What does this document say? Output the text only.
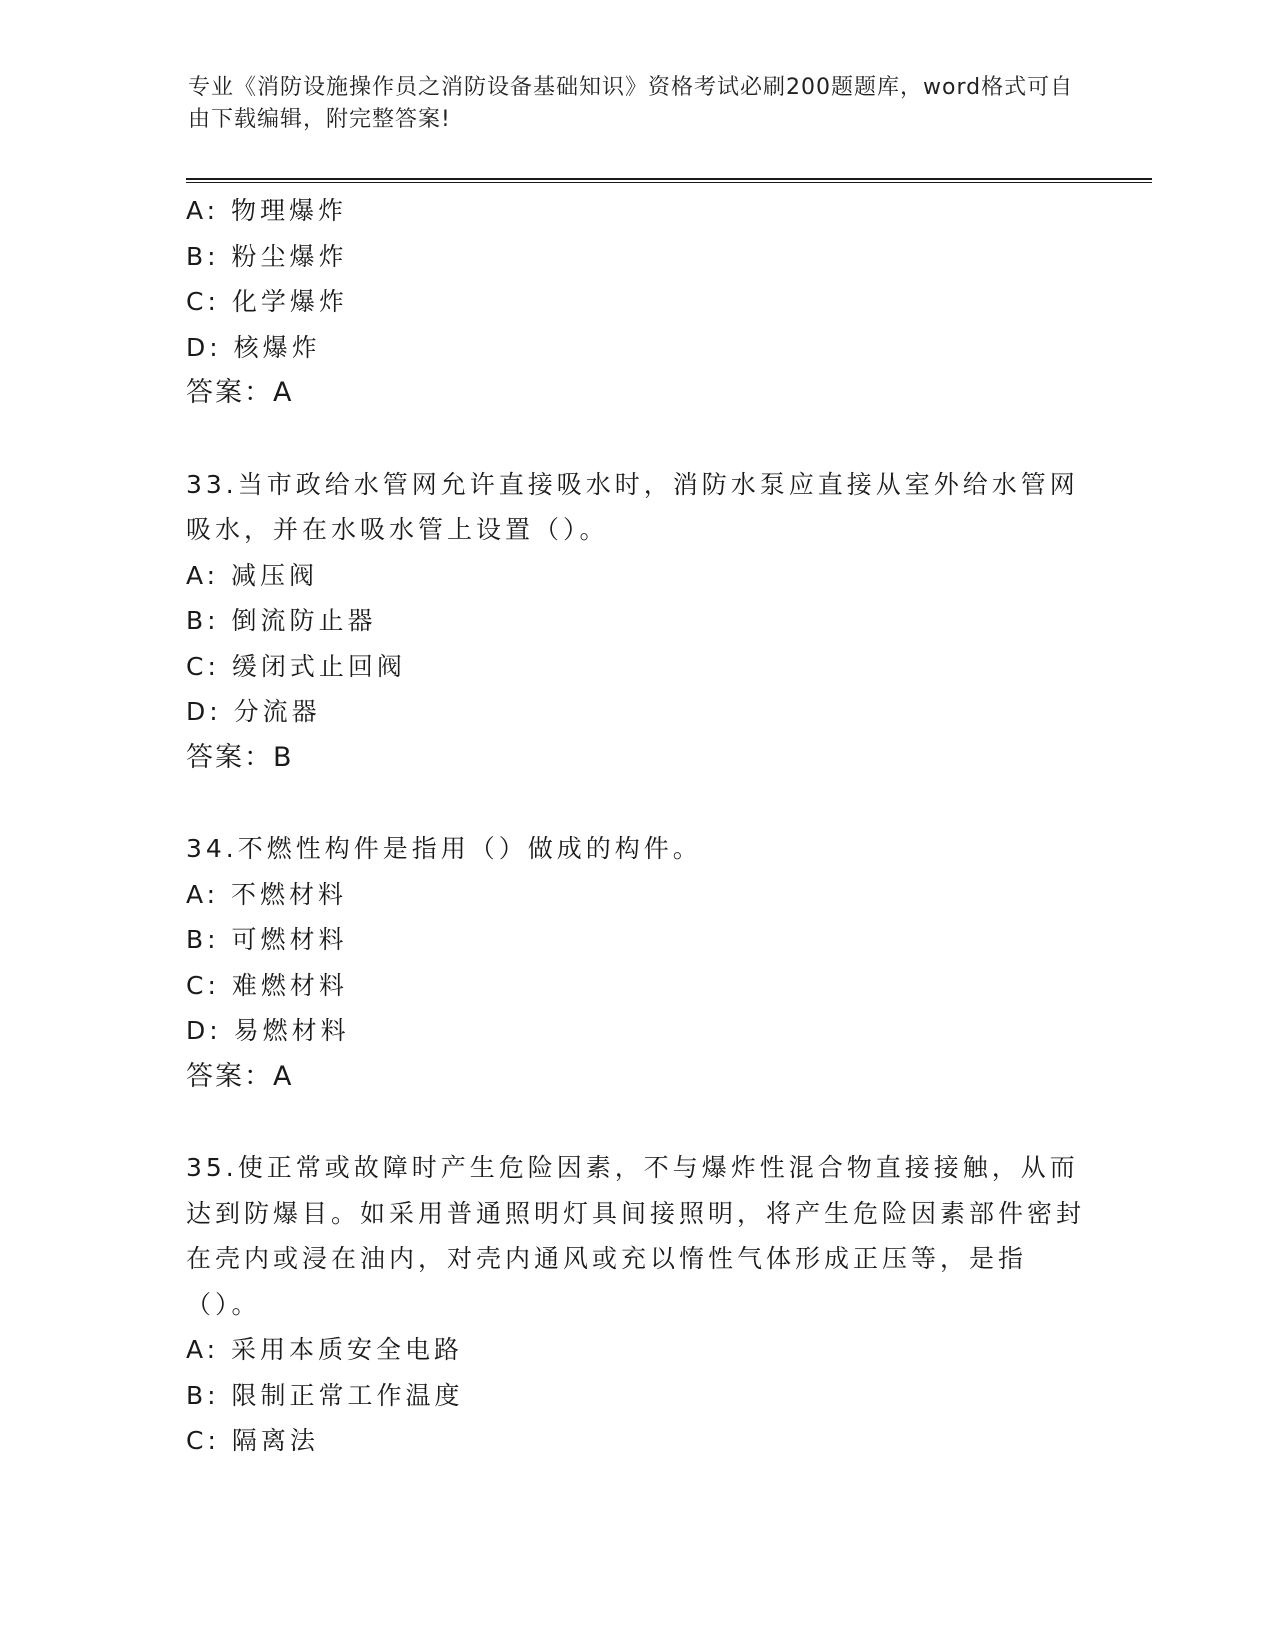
专业《消防设施操作员之消防设备基础知识》资格考试必刷200题题库，word格式可自由下载编辑，附完整答案!
A: 物理爆炸
B: 粉尘爆炸
C: 化学爆炸
D: 核爆炸
答案：A
33.当市政给水管网允许直接吸水时，消防水泵应直接从室外给水管网吸水，并在水吸水管上设置（）。
A: 减压阀
B: 倒流防止器
C: 缓闭式止回阀
D: 分流器
答案：B
34.不燃性构件是指用（）做成的构件。
A: 不燃材料
B: 可燃材料
C: 难燃材料
D: 易燃材料
答案：A
35.使正常或故障时产生危险因素，不与爆炸性混合物直接接触，从而达到防爆目。如采用普通照明灯具间接照明，将产生危险因素部件密封在壳内或浸在油内，对壳内通风或充以惰性气体形成正压等，是指（）。
A: 采用本质安全电路
B: 限制正常工作温度
C: 隔离法
